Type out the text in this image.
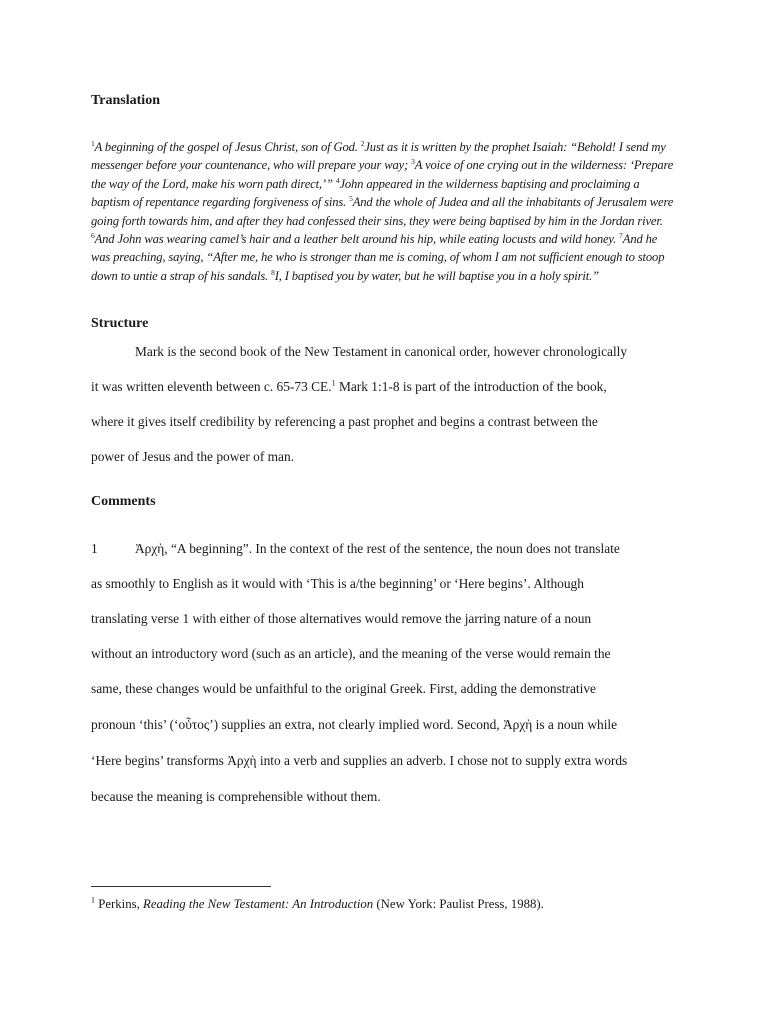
Translation

$^1$A beginning of the gospel of Jesus Christ, son of God. $^2$Just as it is written by the prophet Isaiah: “Behold! I send my messenger before your countenance, who will prepare your way; $^3$A voice of one crying out in the wilderness: ‘Prepare the way of the Lord, make his worn path direct,’” $^4$John appeared in the wilderness baptising and proclaiming a baptism of repentance regarding forgiveness of sins. $^5$And the whole of Judea and all the inhabitants of Jerusalem were going forth towards him, and after they had confessed their sins, they were being baptised by him in the Jordan river. $^6$And John was wearing camel’s hair and a leather belt around his hip, while eating locusts and wild honey. $^7$And he was preaching, saying, “After me, he who is stronger than me is coming, of whom I am not sufficient enough to stoop down to untie a strap of his sandals. $^8$I, I baptised you by water, but he will baptise you in a holy spirit.”

Structure

Mark is the second book of the New Testament in canonical order, however chronologically

it was written eleventh between c. 65-73 CE.$^1$ Mark 1:1-8 is part of the introduction of the book,

where it gives itself credibility by referencing a past prophet and begins a contrast between the

power of Jesus and the power of man.

Comments

1	Ἀρχὴ, “A beginning”. In the context of the rest of the sentence, the noun does not translate

as smoothly to English as it would with ‘This is a/the beginning’ or ‘Here begins’. Although

translating verse 1 with either of those alternatives would remove the jarring nature of a noun

without an introductory word (such as an article), and the meaning of the verse would remain the

same, these changes would be unfaithful to the original Greek. First, adding the demonstrative

pronoun ‘this’ (‘οὗτος’) supplies an extra, not clearly implied word. Second, Ἀρχὴ is a noun while

‘Here begins’ transforms Ἀρχὴ into a verb and supplies an adverb. I chose not to supply extra words

because the meaning is comprehensible without them.

$^1$ Perkins, Reading the New Testament: An Introduction (New York: Paulist Press, 1988).
